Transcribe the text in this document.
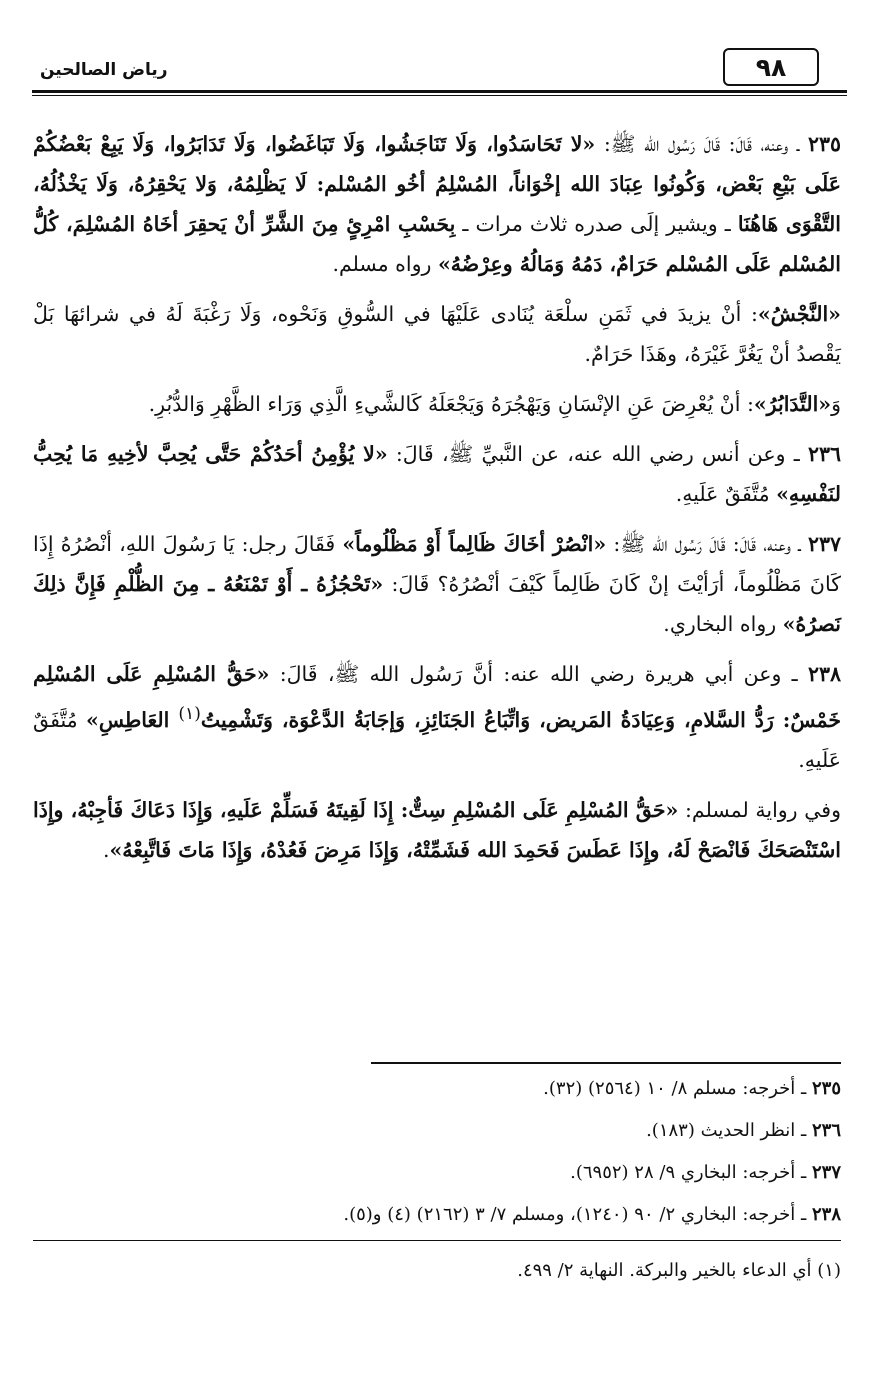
٩٨
رياض الصالحين

٢٣٥ ـ وعنه، قَالَ: قَالَ رَسُول الله ﷺ: «لا تَحَاسَدُوا، وَلَا تَنَاجَشُوا، وَلَا تَبَاغَضُوا، وَلَا تَدَابَرُوا، وَلَا يَبِعْ بَعْضُكُمْ عَلَى بَيْعِ بَعْض، وَكُونُوا عِبَادَ الله إخْوَاناً، المُسْلِمُ أخُو المُسْلم: لَا يَظْلِمُهُ، وَلا يَحْقِرُهُ، وَلَا يَخْذُلُهُ، التَّقْوَى هَاهُنَا ـ ويشير إلَى صدره ثلاث مرات ـ بِحَسْبِ امْرِئٍ مِنَ الشَّرِّ أنْ يَحقِرَ أخَاهُ المُسْلِمَ، كُلُّ المُسْلم عَلَى المُسْلم حَرَامٌ، دَمُهُ وَمَالُهُ وعِرْضُهُ» رواه مسلم.

«النَّجْشُ»: أنْ يزيدَ في ثَمَنِ سلْعَة يُنَادى عَلَيْهَا في السُّوقِ وَنَحْوه، وَلَا رَغْبَةَ لَهُ في شرائهَا بَلْ يَقْصدُ أنْ يَغُرَّ غَيْرَهُ، وهَذَا حَرَامٌ.

وَ«التَّدَابُرُ»: أنْ يُعْرِضَ عَنِ الإنْسَانِ وَيَهْجُرَهُ وَيَجْعَلَهُ كَالشَّيءِ الَّذِي وَرَاء الظَّهْرِ وَالدُّبُرِ.

٢٣٦ ـ وعن أنس رضي الله عنه، عن النَّبيِّ ﷺ، قَالَ: «لا يُؤْمِنُ أحَدُكُمْ حَتَّى يُحِبَّ لأخِيهِ مَا يُحِبُّ لنَفْسِهِ» مُتَّفَقٌ عَلَيهِ.

٢٣٧ ـ وعنه، قَالَ: قَالَ رَسُول الله ﷺ: «انْصُرْ أخَاكَ ظَالِماً أَوْ مَظْلُوماً» فَقَالَ رجل: يَا رَسُولَ اللهِ، أنْصُرُهُ إِذَا كَانَ مَظْلُوماً، أرَأيْتَ إنْ كَانَ ظَالِماً كَيْفَ أنْصُرُهُ؟ قَالَ: «تَحْجُزُهُ ـ أَوْ تَمْنَعُهُ ـ مِنَ الظُّلْمِ فَإِنَّ ذلِكَ نَصرُهُ» رواه البخاري.

٢٣٨ ـ وعن أبي هريرة رضي الله عنه: أنَّ رَسُول الله ﷺ، قَالَ: «حَقُّ المُسْلِمِ عَلَى المُسْلِم خَمْسٌ: رَدُّ السَّلامِ، وَعِيَادَةُ المَريض، وَاتِّبَاعُ الجَنَائِزِ، وَإجَابَةُ الدَّعْوَة، وَتَشْمِيتُ$^{(١)}$ العَاطِسِ» مُتَّفَقٌ عَلَيهِ.

وفي رواية لمسلم: «حَقُّ المُسْلِمِ عَلَى المُسْلِمِ سِتٌّ: إِذَا لَقِيتَهُ فَسَلِّمْ عَلَيهِ، وَإِذَا دَعَاكَ فَأجِبْهُ، وإِذَا اسْتَنْصَحَكَ فَانْصَحْ لَهُ، وإِذَا عَطَسَ فَحَمِدَ الله فَشَمِّتْهُ، وَإِذَا مَرِضَ فَعُدْهُ، وَإِذَا مَاتَ فَاتَّبِعْهُ».

٢٣٥ ـ أخرجه: مسلم ٨/ ١٠ (٢٥٦٤) (٣٢).

٢٣٦ ـ انظر الحديث (١٨٣).

٢٣٧ ـ أخرجه: البخاري ٩/ ٢٨ (٦٩٥٢).

٢٣٨ ـ أخرجه: البخاري ٢/ ٩٠ (١٢٤٠)، ومسلم ٧/ ٣ (٢١٦٢) (٤) و(٥).

(١) أي الدعاء بالخير والبركة. النهاية ٢/ ٤٩٩.
